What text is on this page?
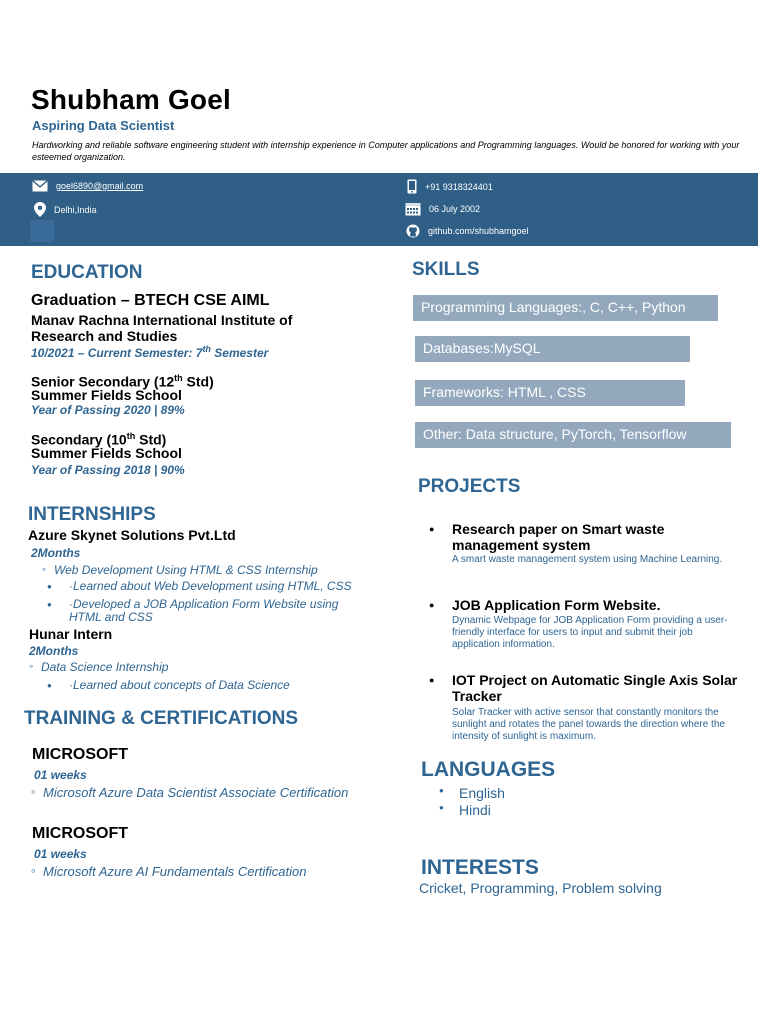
Shubham Goel
Aspiring Data Scientist
Hardworking and reliable software engineering student with internship experience in Computer applications and Programming languages. Would be honored for working with your esteemed organization.
goel6890@gmail.com
Delhi,India
+91 9318324401
06 July 2002
github.com/shubhamgoel
EDUCATION
Graduation – BTECH CSE AIML
Manav Rachna International Institute of Research and Studies
10/2021 – Current Semester: 7th Semester
Senior Secondary (12th Std)
Summer Fields School
Year of Passing 2020 | 89%
Secondary (10th Std)
Summer Fields School
Year of Passing 2018 | 90%
INTERNSHIPS
Azure Skynet Solutions Pvt.Ltd
2Months
◦ Web Development Using HTML & CSS Internship
● ·Learned about Web Development using HTML, CSS
● ·Developed a JOB Application Form Website using HTML and CSS
Hunar Intern
2Months
◦ Data Science Internship
● ·Learned about concepts of Data Science
TRAINING & CERTIFICATIONS
MICROSOFT
01 weeks
◦ Microsoft Azure Data Scientist Associate Certification
MICROSOFT
01 weeks
◦ Microsoft Azure AI Fundamentals Certification
SKILLS
Programming Languages:, C, C++, Python
Databases:MySQL
Frameworks: HTML , CSS
Other: Data structure, PyTorch, Tensorflow
PROJECTS
● Research paper on Smart waste management system
A smart waste management system using Machine Learning.
● JOB Application Form Website.
Dynamic Webpage for JOB Application Form providing a user-friendly interface for users to input and submit their job application information.
● IOT Project on Automatic Single Axis Solar Tracker
Solar Tracker with active sensor that constantly monitors the sunlight and rotates the panel towards the direction where the intensity of sunlight is maximum.
LANGUAGES
● English
● Hindi
INTERESTS
Cricket, Programming, Problem solving
